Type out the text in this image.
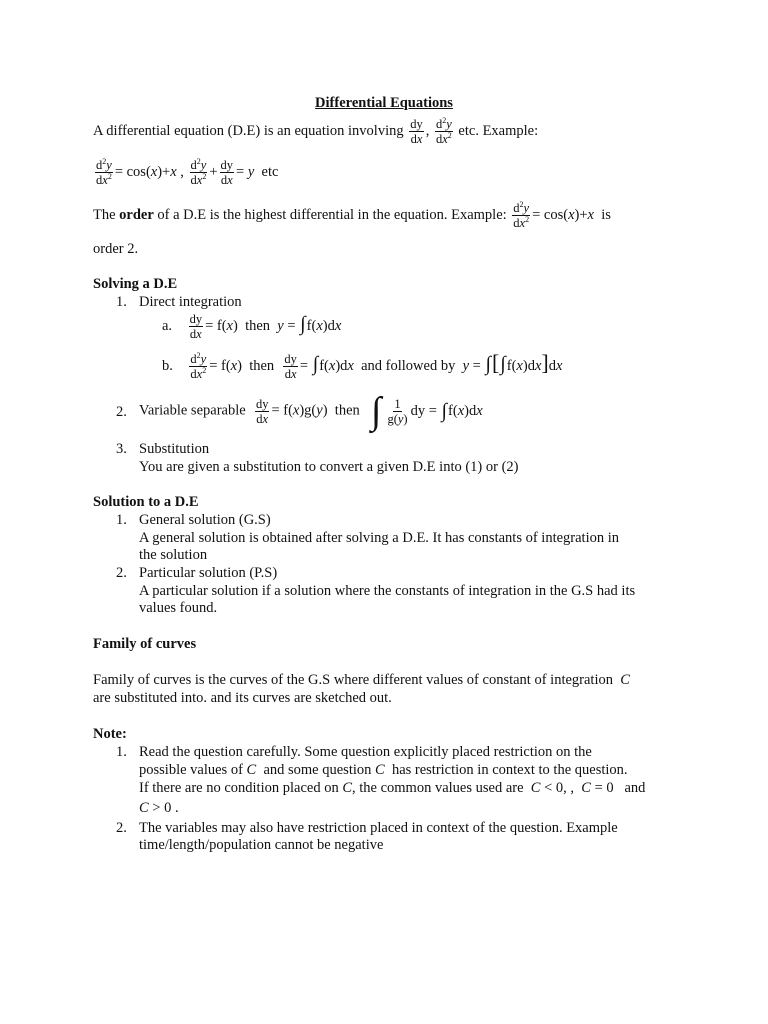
Differential Equations
A differential equation (D.E) is an equation involving $\frac{dy}{dx}$ , $\frac{d^2y}{dx^2}$ etc. Example:
$\frac{d^2y}{dx^2} = \cos(x)+x$ , $\frac{d^2y}{dx^2} + \frac{dy}{dx} = y$ etc
The order of a D.E is the highest differential in the equation. Example: $\frac{d^2y}{dx^2} = \cos(x)+x$ is
order 2.
Solving a D.E
1. Direct integration
a. $\frac{dy}{dx} = f(x)$  then y = ∫f(x)dx
b. $\frac{d^2y}{dx^2} = f(x)$  then $\frac{dy}{dx} = \int f(x)dx$ and followed by y = ∫[∫f(x)dx]dx
2. Variable separable $\frac{dy}{dx} = f(x)g(y)$  then ∫ $\frac{1}{g(y)}$ dy = ∫ f( x )d x
3. Substitution
You are given a substitution to convert a given D.E into (1) or (2)
Solution to a D.E
1. General solution (G.S)
A general solution is obtained after solving a D.E. It has constants of integration in
the solution
2. Particular solution (P.S)
A particular solution if a solution where the constants of integration in the G.S had its
values found.
Family of curves
Family of curves is the curves of the G.S where different values of constant of integration C
are substituted into. and its curves are sketched out.
Note:
1. Read the question carefully. Some question explicitly placed restriction on the
possible values of C and some question C has restriction in context to the question.
If there are no condition placed on C, the common values used are C < 0, ,  C = 0   and
C > 0 .
2. The variables may also have restriction placed in context of the question. Example
time/length/population cannot be negative
